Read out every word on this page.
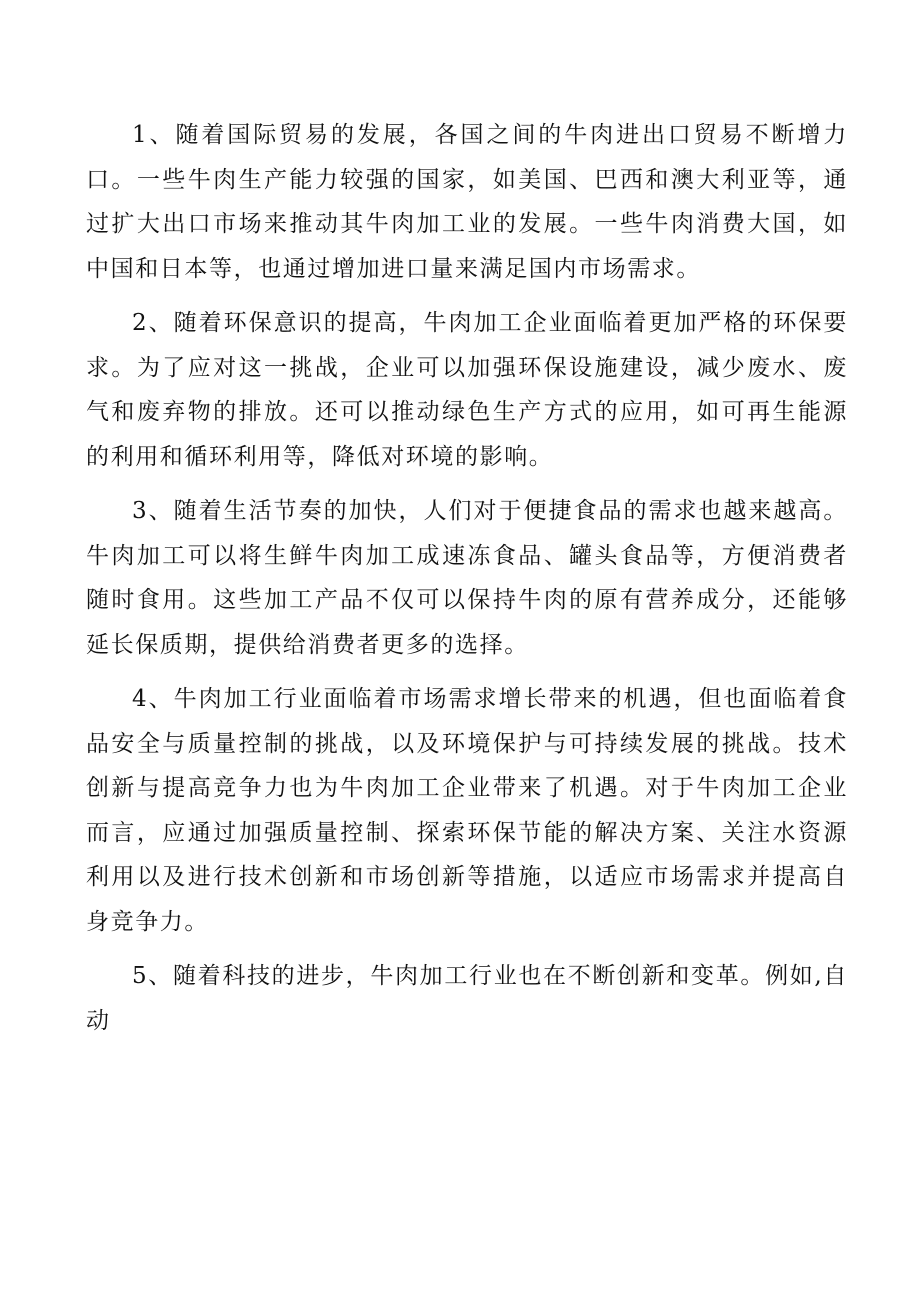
1、随着国际贸易的发展，各国之间的牛肉进出口贸易不断增力口。一些牛肉生产能力较强的国家，如美国、巴西和澳大利亚等，通过扩大出口市场来推动其牛肉加工业的发展。一些牛肉消费大国，如中国和日本等，也通过增加进口量来满足国内市场需求。

2、随着环保意识的提高，牛肉加工企业面临着更加严格的环保要求。为了应对这一挑战，企业可以加强环保设施建设，减少废水、废气和废弃物的排放。还可以推动绿色生产方式的应用，如可再生能源的利用和循环利用等，降低对环境的影响。

3、随着生活节奏的加快，人们对于便捷食品的需求也越来越高。牛肉加工可以将生鲜牛肉加工成速冻食品、罐头食品等，方便消费者随时食用。这些加工产品不仅可以保持牛肉的原有营养成分，还能够延长保质期，提供给消费者更多的选择。

4、牛肉加工行业面临着市场需求增长带来的机遇，但也面临着食品安全与质量控制的挑战，以及环境保护与可持续发展的挑战。技术创新与提高竞争力也为牛肉加工企业带来了机遇。对于牛肉加工企业而言，应通过加强质量控制、探索环保节能的解决方案、关注水资源利用以及进行技术创新和市场创新等措施，以适应市场需求并提高自身竞争力。

5、随着科技的进步，牛肉加工行业也在不断创新和变革。例如,自动
